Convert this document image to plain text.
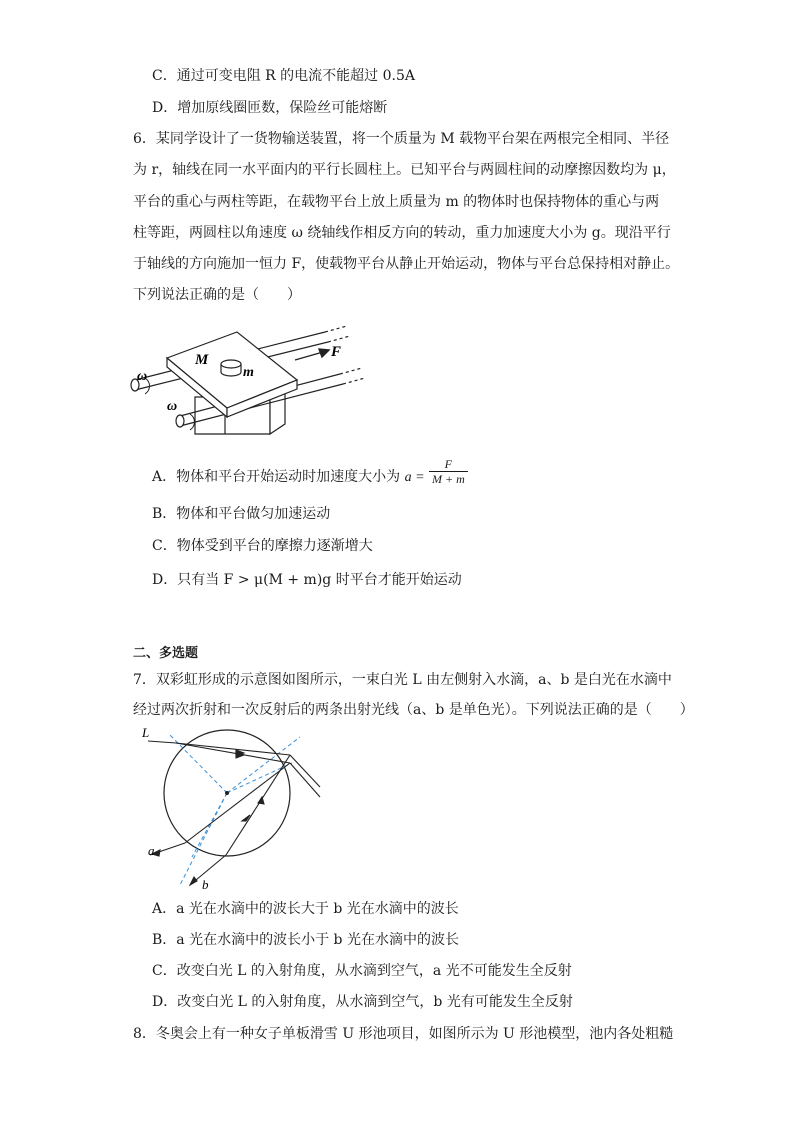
C．通过可变电阻 R 的电流不能超过 0.5A
D．增加原线圈匝数，保险丝可能熔断
6．某同学设计了一货物输送装置，将一个质量为 M 载物平台架在两根完全相同、半径
为 r，轴线在同一水平面内的平行长圆柱上。已知平台与两圆柱间的动摩擦因数均为 μ，
平台的重心与两柱等距，在载物平台上放上质量为 m 的物体时也保持物体的重心与两
柱等距，两圆柱以角速度 ω 绕轴线作相反方向的转动，重力加速度大小为 g。现沿平行
于轴线的方向施加一恒力 F，使载物平台从静止开始运动，物体与平台总保持相对静止。
下列说法正确的是（　　）
M
m
F
ω
ω
A．物体和平台开始运动时加速度大小为 $a = \frac{F}{M + m}$
B．物体和平台做匀加速运动
C．物体受到平台的摩擦力逐渐增大
D．只有当 F > μ(M + m)g 时平台才能开始运动
二、多选题
7．双彩虹形成的示意图如图所示，一束白光 L 由左侧射入水滴，a、b 是白光在水滴中
经过两次折射和一次反射后的两条出射光线（a、b 是单色光）。下列说法正确的是（　　）
L
a
b
A．a 光在水滴中的波长大于 b 光在水滴中的波长
B．a 光在水滴中的波长小于 b 光在水滴中的波长
C．改变白光 L 的入射角度，从水滴到空气，a 光不可能发生全反射
D．改变白光 L 的入射角度，从水滴到空气，b 光有可能发生全反射
8．冬奥会上有一种女子单板滑雪 U 形池项目，如图所示为 U 形池模型，池内各处粗糙
